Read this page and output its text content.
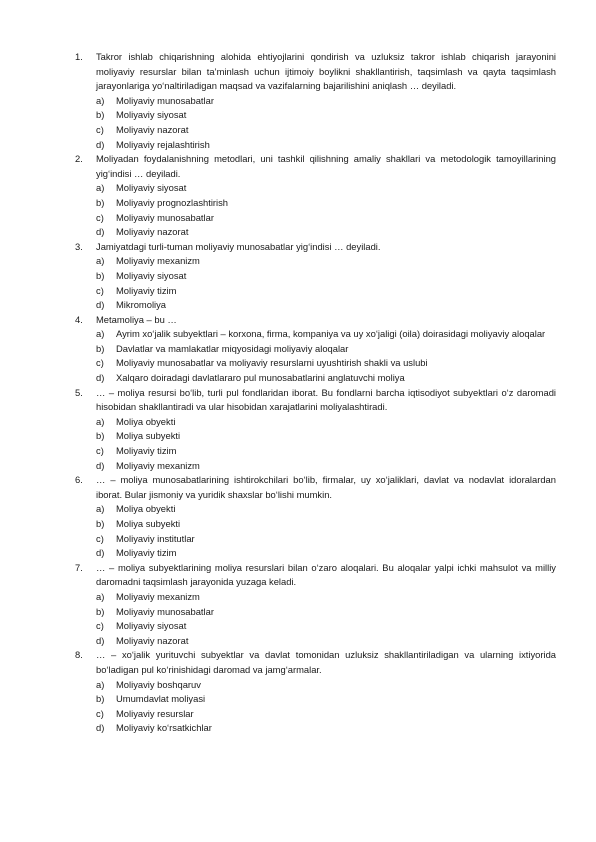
1. Takror ishlab chiqarishning alohida ehtiyojlarini qondirish va uzluksiz takror ishlab chiqarish jarayonini moliyaviy resurslar bilan ta’minlash uchun ijtimoiy boylikni shakllantirish, taqsimlash va qayta taqsimlash jarayonlariga yo‘naltiriladigan maqsad va vazifalarning bajarilishini aniqlash … deyiladi.

a) Moliyaviy munosabatlar
b) Moliyaviy siyosat
c) Moliyaviy nazorat
d) Moliyaviy rejalashtirish
2. Moliyadan foydalanishning metodlari, uni tashkil qilishning amaliy shakllari va metodologik tamoyillarining yig‘indisi … deyiladi.

a) Moliyaviy siyosat
b) Moliyaviy prognozlashtirish
c) Moliyaviy munosabatlar
d) Moliyaviy nazorat
3. Jamiyatdagi turli-tuman moliyaviy munosabatlar yig‘indisi … deyiladi.

a) Moliyaviy mexanizm
b) Moliyaviy siyosat
c) Moliyaviy tizim
d) Mikromoliya
4. Metamoliya – bu …

a) Ayrim xo‘jalik subyektlari – korxona, firma, kompaniya va uy xo‘jaligi (oila) doirasidagi moliyaviy aloqalar
b) Davlatlar va mamlakatlar miqyosidagi moliyaviy aloqalar
c) Moliyaviy munosabatlar va moliyaviy resurslarni uyushtirish shakli va uslubi
d) Xalqaro doiradagi davlatlararo pul munosabatlarini anglatuvchi moliya
5. … – moliya resursi bo‘lib, turli pul fondlaridan iborat. Bu fondlarni barcha iqtisodiyot subyektlari o‘z daromadi hisobidan shakllantiradi va ular hisobidan xarajatlarini moliyalashtiradi.

a) Moliya obyekti
b) Moliya subyekti
c) Moliyaviy tizim
d) Moliyaviy mexanizm
6. … – moliya munosabatlarining ishtirokchilari bo‘lib, firmalar, uy xo‘jaliklari, davlat va nodavlat idoralardan iborat. Bular jismoniy va yuridik shaxslar bo‘lishi mumkin.

a) Moliya obyekti
b) Moliya subyekti
c) Moliyaviy institutlar
d) Moliyaviy tizim
7. … – moliya subyektlarining moliya resurslari bilan o‘zaro aloqalari. Bu aloqalar yalpi ichki mahsulot va milliy daromadni taqsimlash jarayonida yuzaga keladi.

a) Moliyaviy mexanizm
b) Moliyaviy munosabatlar
c) Moliyaviy siyosat
d) Moliyaviy nazorat
8. … – xo‘jalik yurituvchi subyektlar va davlat tomonidan uzluksiz shakllantiriladigan va ularning ixtiyorida bo‘ladigan pul ko‘rinishidagi daromad va jamg‘armalar.

a) Moliyaviy boshqaruv
b) Umumdavlat moliyasi
c) Moliyaviy resurslar
d) Moliyaviy ko‘rsatkichlar
